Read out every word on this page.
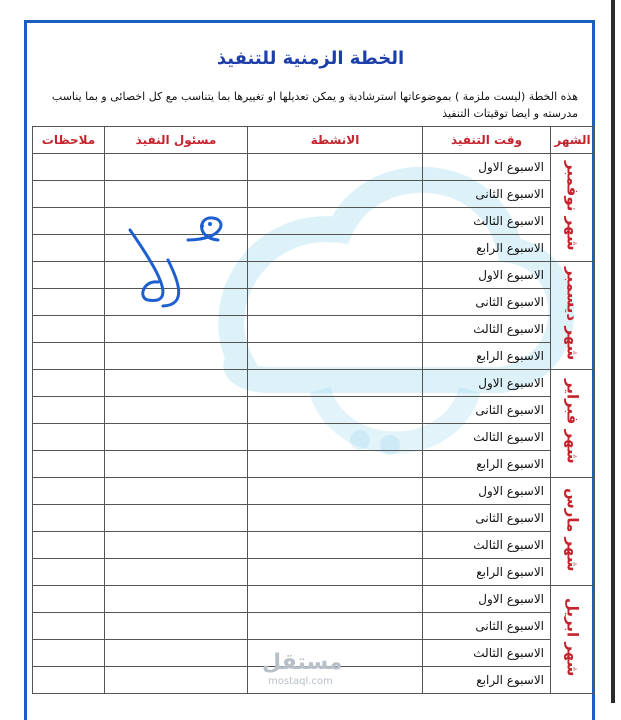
الخطة الزمنية للتنفيذ
هذه الخطة (ليست ملزمة ) بموضوعاتها استرشادية و يمكن تعديلها او تغييرها بما يتناسب مع كل اخصائى و بما يناسب مدرسته و ايضا توقيتات التنفيذ
الشهر	وقت التنفيذ	الانشطة	مسئول النفيذ	ملاحظات
شهر نوفمبر	الاسبوع الاول			
	الاسبوع الثانى			
	الاسبوع الثالث			
	الاسبوع الرابع			
شهر ديسمبر	الاسبوع الاول			
	الاسبوع الثانى			
	الاسبوع الثالث			
	الاسبوع الرابع			
شهر فبراير	الاسبوع الاول			
	الاسبوع الثانى			
	الاسبوع الثالث			
	الاسبوع الرابع			
شهر مارس	الاسبوع الاول			
	الاسبوع الثانى			
	الاسبوع الثالث			
	الاسبوع الرابع			
شهر ابريل	الاسبوع الاول			
	الاسبوع الثانى			
	الاسبوع الثالث			
	الاسبوع الرابع			
مستقل
mostaql.com
